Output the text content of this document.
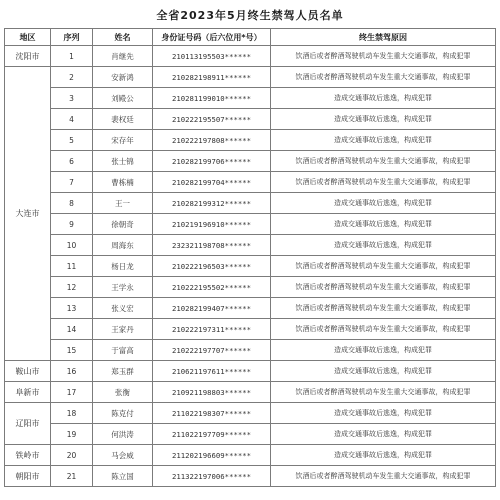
全省2023年5月终生禁驾人员名单
地区	序列	姓名	身份证号码（后六位用*号）	终生禁驾原因
沈阳市	1	肖继先	210113195503******	饮酒后或者醉酒驾驶机动车发生重大交通事故，构成犯罪
大连市	2	安新鸿	210282198911******	饮酒后或者醉酒驾驶机动车发生重大交通事故，构成犯罪
	3	刘殿公	210281199010******	造成交通事故后逃逸，构成犯罪
	4	裴权廷	210222195507******	造成交通事故后逃逸，构成犯罪
	5	宋存年	210222197808******	造成交通事故后逃逸，构成犯罪
	6	张士锦	210282199706******	饮酒后或者醉酒驾驶机动车发生重大交通事故，构成犯罪
	7	曹栋楠	210282199704******	饮酒后或者醉酒驾驶机动车发生重大交通事故，构成犯罪
	8	王一	210282199312******	造成交通事故后逃逸，构成犯罪
	9	徐朝奇	210219196910******	造成交通事故后逃逸，构成犯罪
	10	周海东	232321198708******	造成交通事故后逃逸，构成犯罪
	11	杨日龙	210222196503******	饮酒后或者醉酒驾驶机动车发生重大交通事故，构成犯罪
	12	王学永	210222195502******	饮酒后或者醉酒驾驶机动车发生重大交通事故，构成犯罪
	13	张义宏	210282199407******	饮酒后或者醉酒驾驶机动车发生重大交通事故，构成犯罪
	14	王家丹	210222197311******	饮酒后或者醉酒驾驶机动车发生重大交通事故，构成犯罪
	15	于富高	210222197707******	造成交通事故后逃逸，构成犯罪
鞍山市	16	郑玉群	210621197611******	造成交通事故后逃逸，构成犯罪
阜新市	17	张衡	210921198803******	饮酒后或者醉酒驾驶机动车发生重大交通事故，构成犯罪
辽阳市	18	陈克付	211022198307******	造成交通事故后逃逸，构成犯罪
	19	何洪涛	211022197709******	造成交通事故后逃逸，构成犯罪
铁岭市	20	马会威	211202196609******	造成交通事故后逃逸，构成犯罪
朝阳市	21	陈立国	211322197006******	饮酒后或者醉酒驾驶机动车发生重大交通事故，构成犯罪
